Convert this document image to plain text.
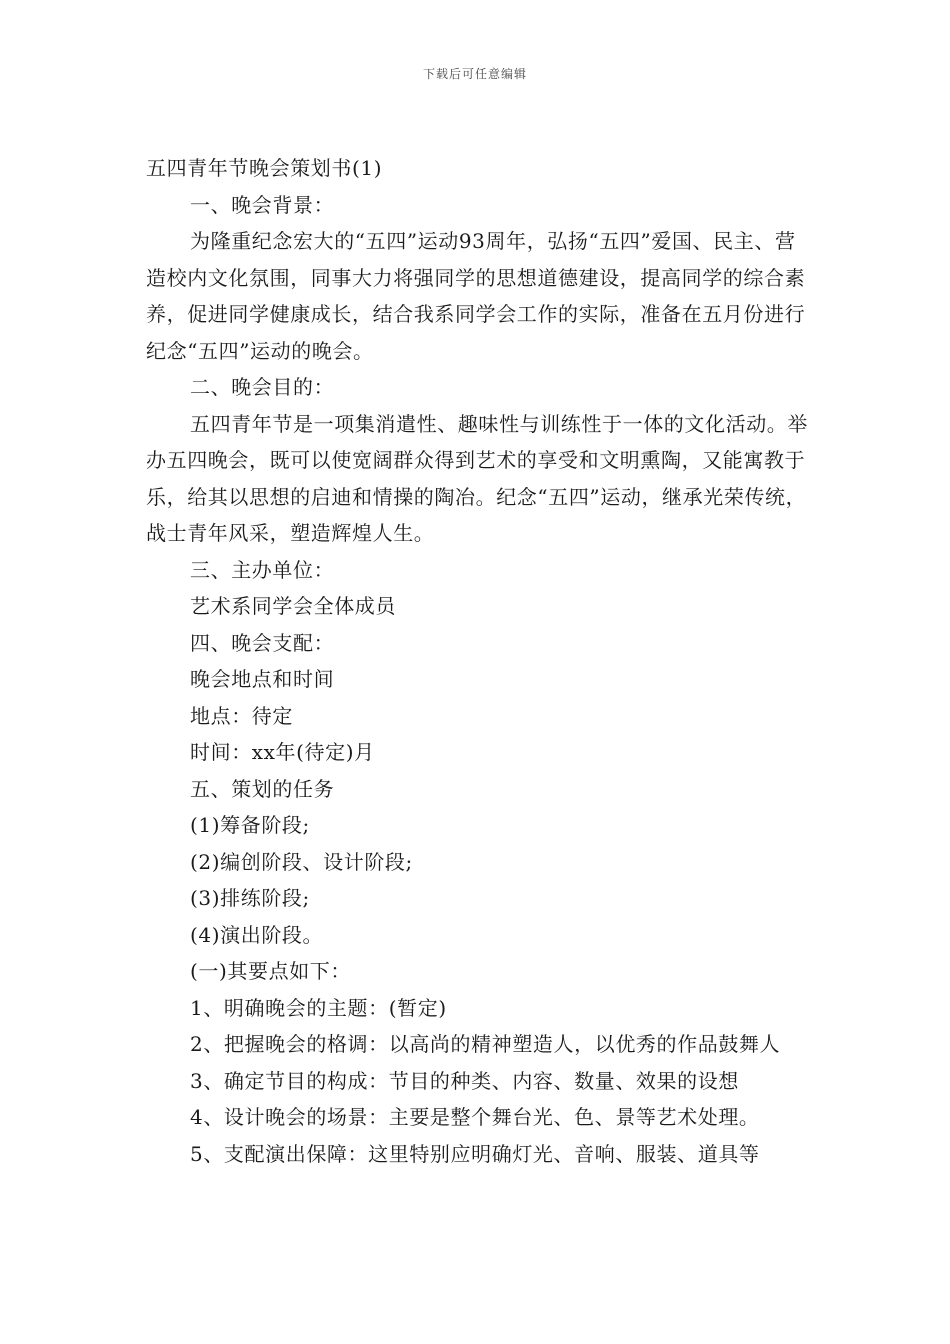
下载后可任意编辑

五四青年节晚会策划书(1)

一、晚会背景：

为隆重纪念宏大的“五四”运动93周年，弘扬“五四”爱国、民主、营造校内文化氛围，同事大力将强同学的思想道德建设，提高同学的综合素养，促进同学健康成长，结合我系同学会工作的实际，准备在五月份进行纪念“五四”运动的晚会。

二、晚会目的：

五四青年节是一项集消遣性、趣味性与训练性于一体的文化活动。举办五四晚会，既可以使宽阔群众得到艺术的享受和文明熏陶，又能寓教于乐，给其以思想的启迪和情操的陶冶。纪念“五四”运动，继承光荣传统，战士青年风采，塑造辉煌人生。

三、主办单位：

艺术系同学会全体成员

四、晚会支配：

晚会地点和时间

地点：待定

时间：xx年(待定)月

五、策划的任务

(1)筹备阶段;

(2)编创阶段、设计阶段;

(3)排练阶段;

(4)演出阶段。

(一)其要点如下：

1、明确晚会的主题：(暂定)

2、把握晚会的格调：以高尚的精神塑造人，以优秀的作品鼓舞人

3、确定节目的构成：节目的种类、内容、数量、效果的设想

4、设计晚会的场景：主要是整个舞台光、色、景等艺术处理。

5、支配演出保障：这里特别应明确灯光、音响、服装、道具等
